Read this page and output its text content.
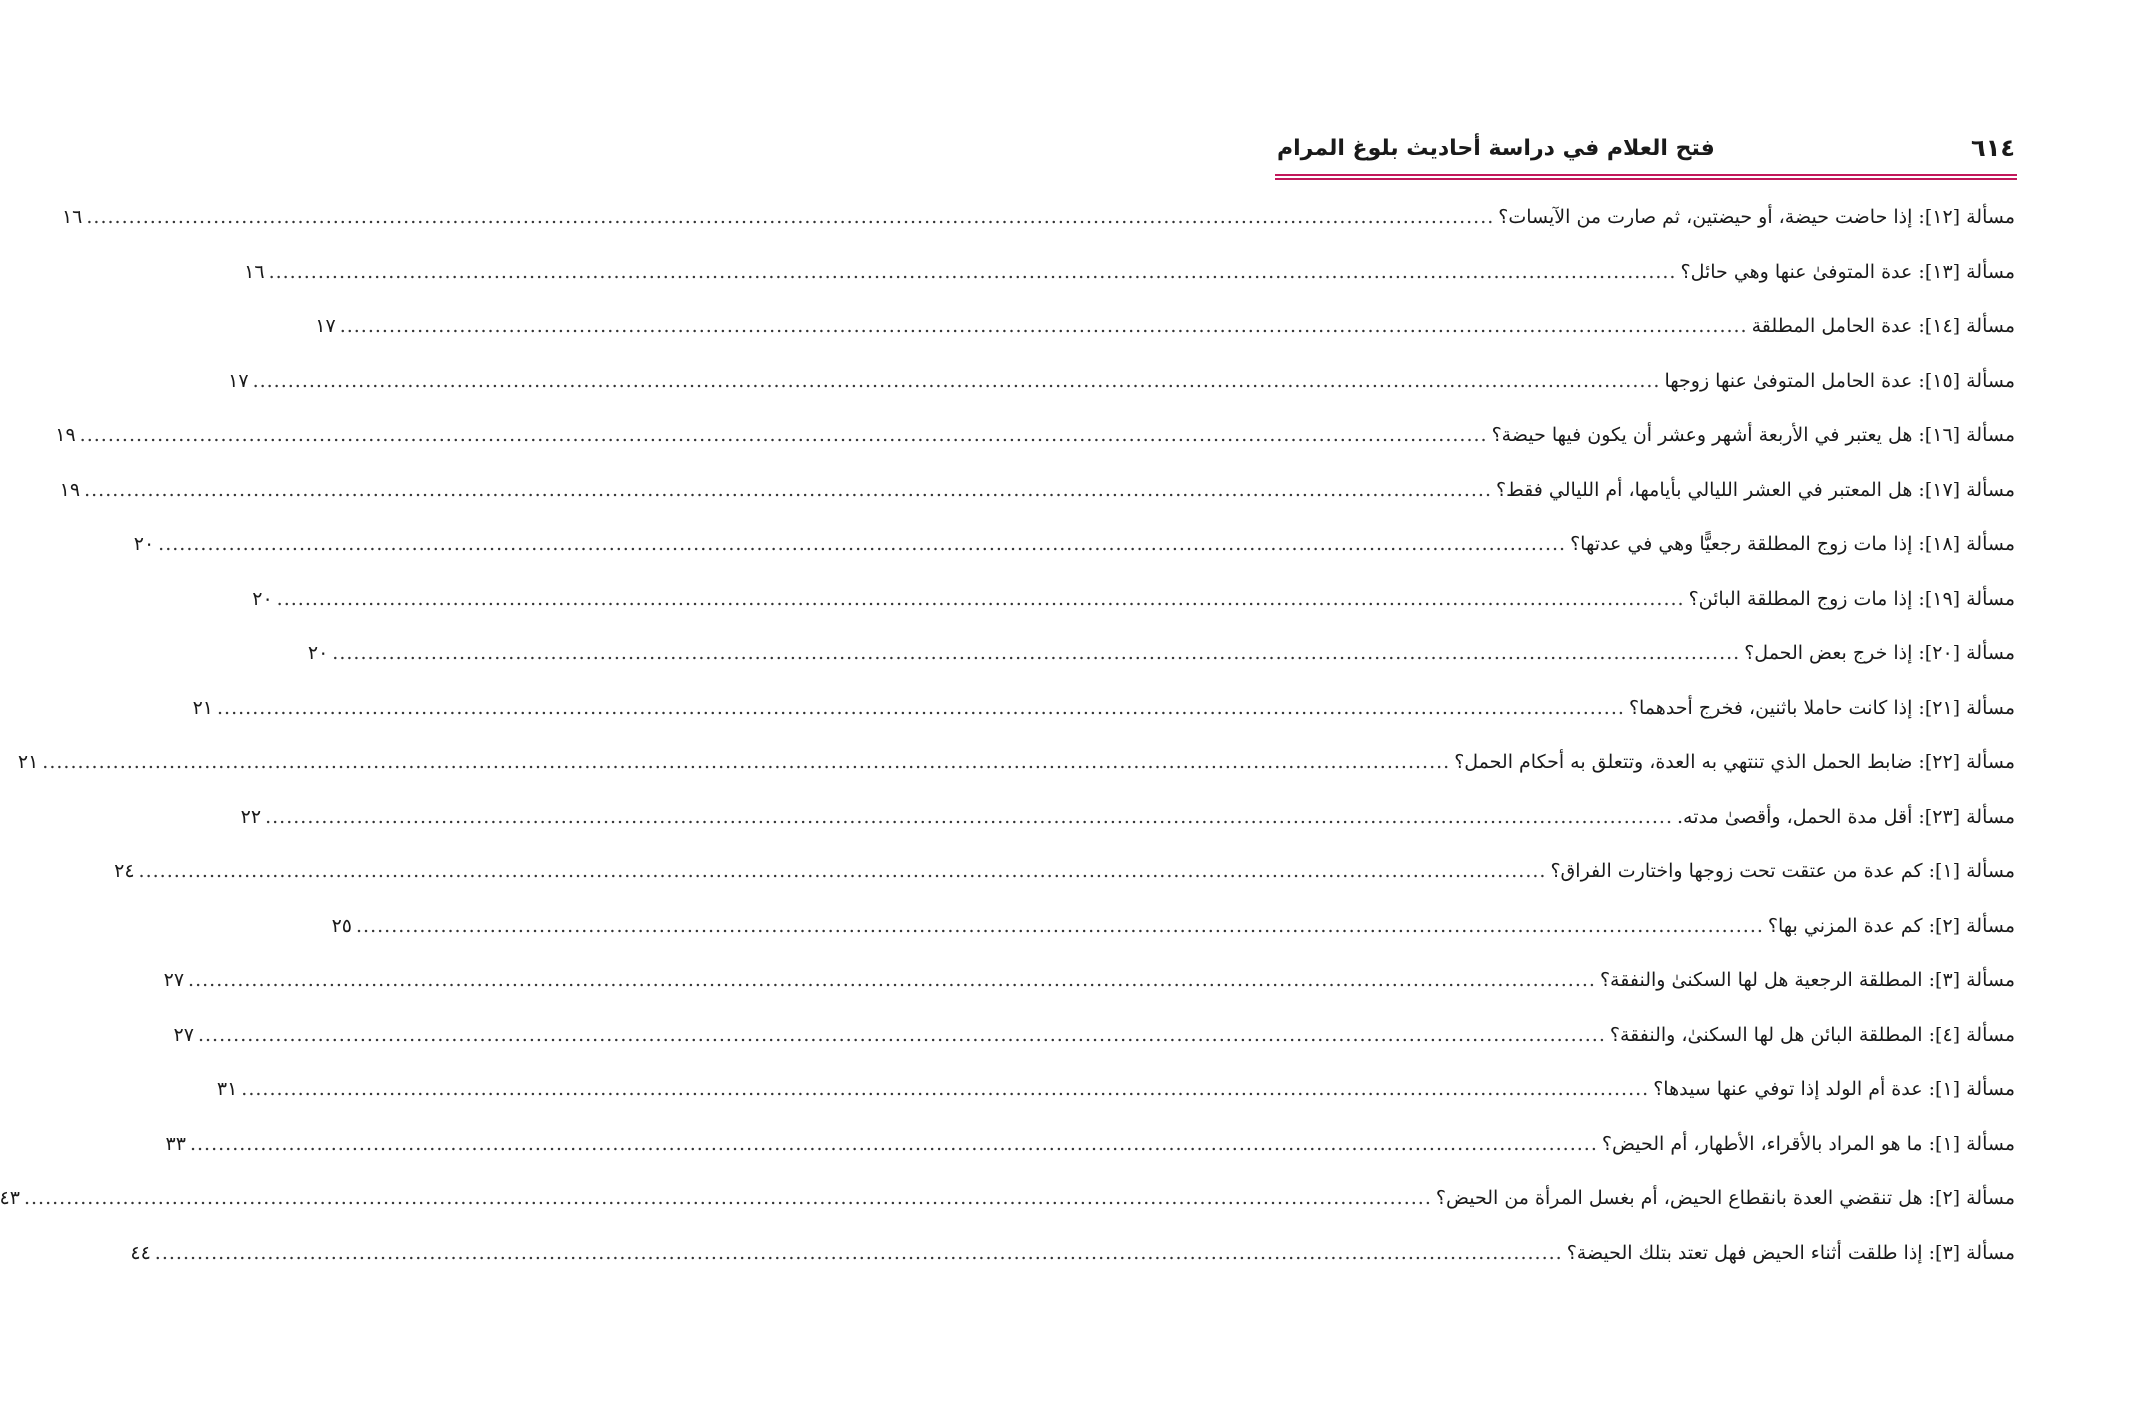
٦١٤
فتح العلام في دراسة أحاديث بلوغ المرام
مسألة [١٢]: إذا حاضت حيضة، أو حيضتين، ثم صارت من الآيسات؟
........................................................................................................................................................................................................
١٦
مسألة [١٣]: عدة المتوفىٰ عنها وهي حائل؟
........................................................................................................................................................................................................
١٦
مسألة [١٤]: عدة الحامل المطلقة
........................................................................................................................................................................................................
١٧
مسألة [١٥]: عدة الحامل المتوفىٰ عنها زوجها
........................................................................................................................................................................................................
١٧
مسألة [١٦]: هل يعتبر في الأربعة أشهر وعشر أن يكون فيها حيضة؟
........................................................................................................................................................................................................
١٩
مسألة [١٧]: هل المعتبر في العشر الليالي بأيامها، أم الليالي فقط؟
........................................................................................................................................................................................................
١٩
مسألة [١٨]: إذا مات زوج المطلقة رجعيًّا وهي في عدتها؟
........................................................................................................................................................................................................
٢٠
مسألة [١٩]: إذا مات زوج المطلقة البائن؟
........................................................................................................................................................................................................
٢٠
مسألة [٢٠]: إذا خرج بعض الحمل؟
........................................................................................................................................................................................................
٢٠
مسألة [٢١]: إذا كانت حاملا باثنين، فخرج أحدهما؟
........................................................................................................................................................................................................
٢١
مسألة [٢٢]: ضابط الحمل الذي تنتهي به العدة، وتتعلق به أحكام الحمل؟
........................................................................................................................................................................................................
٢١
مسألة [٢٣]: أقل مدة الحمل، وأقصىٰ مدته.
........................................................................................................................................................................................................
٢٢
مسألة [١]: كم عدة من عتقت تحت زوجها واختارت الفراق؟
........................................................................................................................................................................................................
٢٤
مسألة [٢]: كم عدة المزني بها؟
........................................................................................................................................................................................................
٢٥
مسألة [٣]: المطلقة الرجعية هل لها السكنىٰ والنفقة؟
........................................................................................................................................................................................................
٢٧
مسألة [٤]: المطلقة البائن هل لها السكنىٰ، والنفقة؟
........................................................................................................................................................................................................
٢٧
مسألة [١]: عدة أم الولد إذا توفي عنها سيدها؟
........................................................................................................................................................................................................
٣١
مسألة [١]: ما هو المراد بالأقراء، الأطهار، أم الحيض؟
........................................................................................................................................................................................................
٣٣
مسألة [٢]: هل تنقضي العدة بانقطاع الحيض، أم بغسل المرأة من الحيض؟
........................................................................................................................................................................................................
٤٣
مسألة [٣]: إذا طلقت أثناء الحيض فهل تعتد بتلك الحيضة؟
........................................................................................................................................................................................................
٤٤
